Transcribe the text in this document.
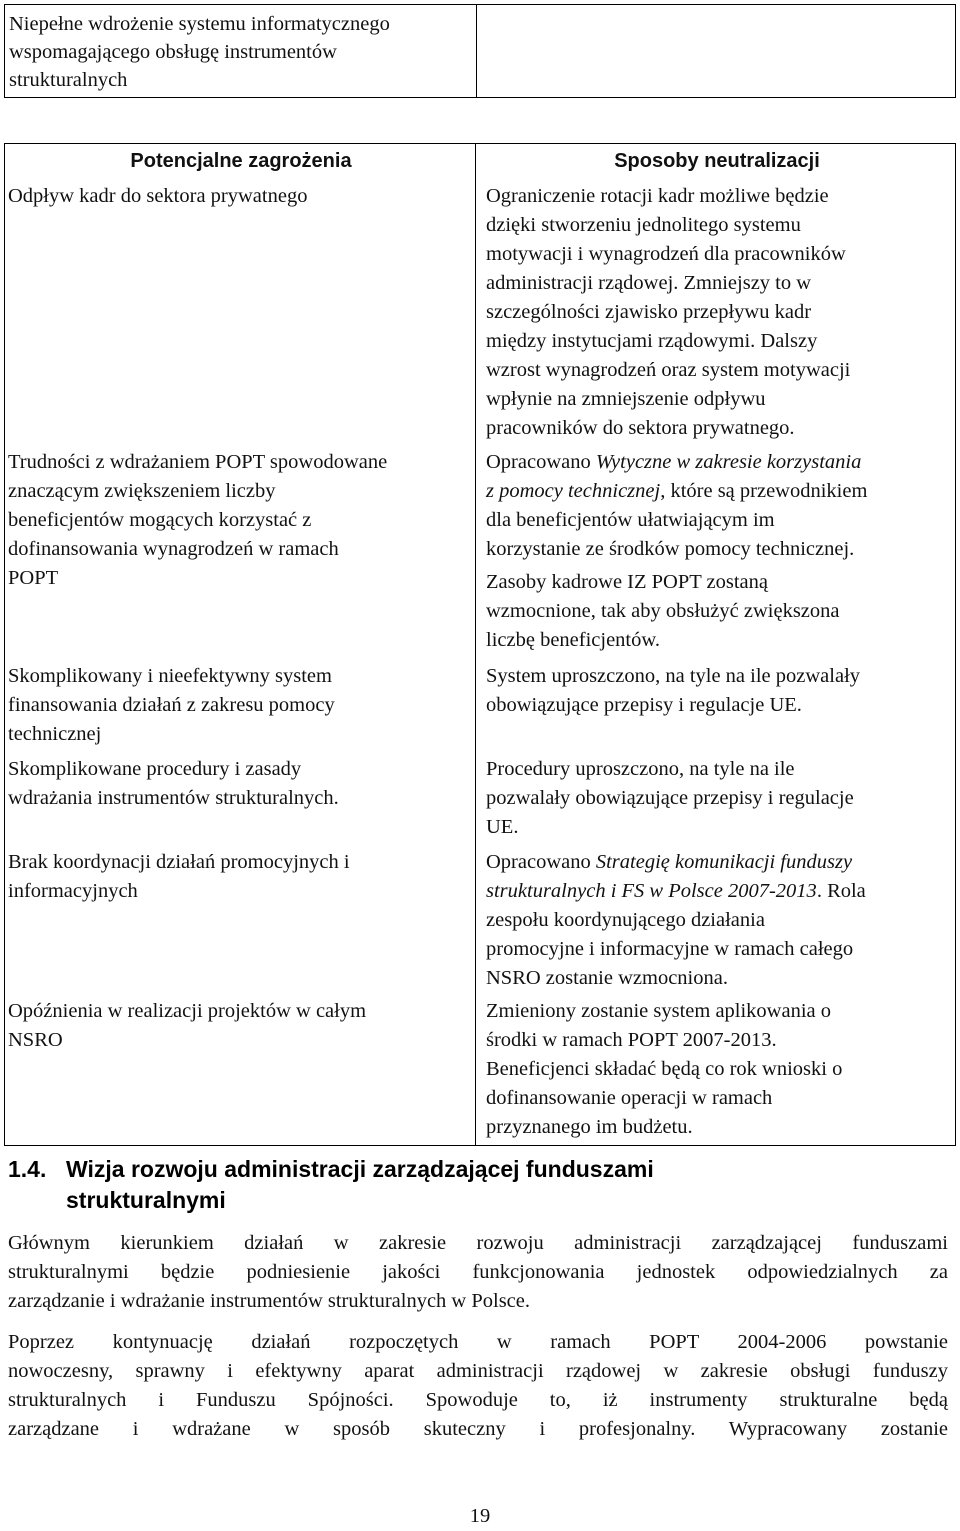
Niepełne wdrożenie systemu informatycznego

wspomagającego obsługę instrumentów

strukturalnych

Potencjalne zagrożenia	Sposoby neutralizacji

Odpływ kadr do sektora prywatnego	Ograniczenie rotacji kadr możliwe będzie

dzięki stworzeniu jednolitego systemu

motywacji i wynagrodzeń dla pracowników

administracji rządowej. Zmniejszy to w

szczególności zjawisko przepływu kadr

między instytucjami rządowymi. Dalszy

wzrost wynagrodzeń oraz system motywacji

wpłynie na zmniejszenie odpływu

pracowników do sektora prywatnego.

Trudności z wdrażaniem POPT spowodowane

znaczącym zwiększeniem liczby

beneficjentów mogących korzystać z

dofinansowania wynagrodzeń w ramach

POPT

Opracowano Wytyczne w zakresie korzystania

z pomocy technicznej, które są przewodnikiem

dla beneficjentów ułatwiającym im

korzystanie ze środków pomocy technicznej.

Zasoby kadrowe IZ POPT zostaną

wzmocnione, tak aby obsłużyć zwiększona

liczbę beneficjentów.

Skomplikowany i nieefektywny system

finansowania działań z zakresu pomocy

technicznej

System uproszczono, na tyle na ile pozwalały

obowiązujące przepisy i regulacje UE.

Skomplikowane procedury i zasady

wdrażania instrumentów strukturalnych.

Procedury uproszczono, na tyle na ile

pozwalały obowiązujące przepisy i regulacje

UE.

Brak koordynacji działań promocyjnych i

informacyjnych

Opracowano Strategię komunikacji funduszy

strukturalnych i FS w Polsce 2007-2013. Rola

zespołu koordynującego działania

promocyjne i informacyjne w ramach całego

NSRO zostanie wzmocniona.

Opóźnienia w realizacji projektów w całym

NSRO

Zmieniony zostanie system aplikowania o

środki w ramach POPT 2007-2013.

Beneficjenci składać będą co rok wnioski o

dofinansowanie operacji w ramach

przyznanego im budżetu.

1.4. Wizja rozwoju administracji zarządzającej funduszami

strukturalnymi

Głównym kierunkiem działań w zakresie rozwoju administracji zarządzającej funduszami

strukturalnymi będzie podniesienie jakości funkcjonowania jednostek odpowiedzialnych za

zarządzanie i wdrażanie instrumentów strukturalnych w Polsce.

Poprzez kontynuację działań rozpoczętych w ramach POPT 2004-2006 powstanie

nowoczesny, sprawny i efektywny aparat administracji rządowej w zakresie obsługi funduszy

strukturalnych i Funduszu Spójności. Spowoduje to, iż instrumenty strukturalne będą

zarządzane i wdrażane w sposób skuteczny i profesjonalny. Wypracowany zostanie

19
